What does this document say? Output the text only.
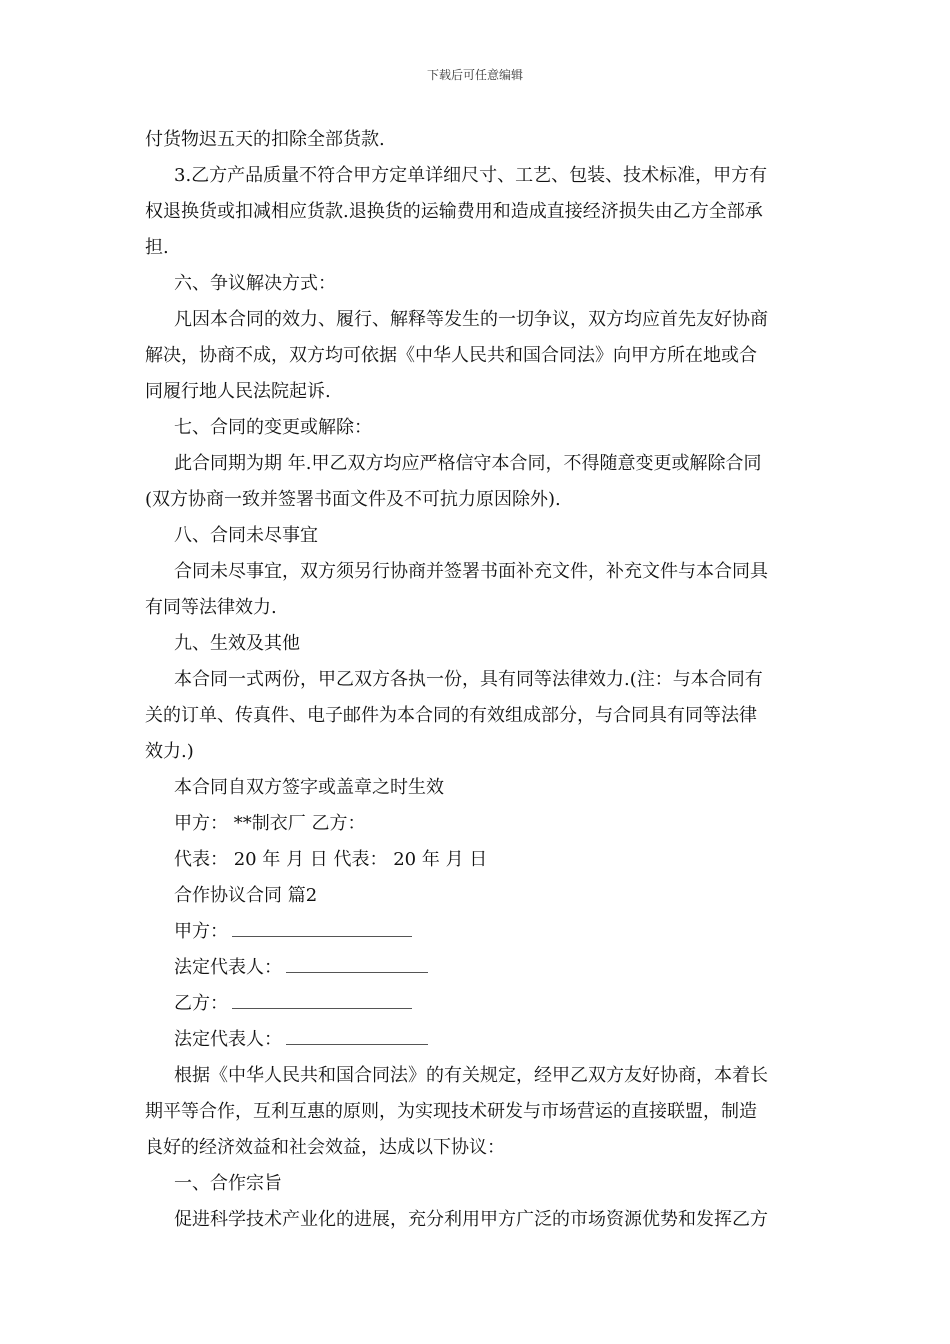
下载后可任意编辑
付货物迟五天的扣除全部货款.
3.乙方产品质量不符合甲方定单详细尺寸、工艺、包装、技术标准，甲方有
权退换货或扣减相应货款.退换货的运输费用和造成直接经济损失由乙方全部承
担.
六、争议解决方式：
凡因本合同的效力、履行、解释等发生的一切争议，双方均应首先友好协商
解决，协商不成，双方均可依据《中华人民共和国合同法》向甲方所在地或合
同履行地人民法院起诉.
七、合同的变更或解除：
此合同期为期 年.甲乙双方均应严格信守本合同，不得随意变更或解除合同
(双方协商一致并签署书面文件及不可抗力原因除外).
八、合同未尽事宜
合同未尽事宜，双方须另行协商并签署书面补充文件，补充文件与本合同具
有同等法律效力.
九、生效及其他
本合同一式两份，甲乙双方各执一份，具有同等法律效力.(注：与本合同有
关的订单、传真件、电子邮件为本合同的有效组成部分，与合同具有同等法律
效力.)
本合同自双方签字或盖章之时生效
甲方： **制衣厂 乙方：
代表： 20 年 月 日 代表： 20 年 月 日
合作协议合同 篇2
甲方：
法定代表人：
乙方：
法定代表人：
根据《中华人民共和国合同法》的有关规定，经甲乙双方友好协商，本着长
期平等合作，互利互惠的原则，为实现技术研发与市场营运的直接联盟，制造
良好的经济效益和社会效益，达成以下协议：
一、合作宗旨
促进科学技术产业化的进展，充分利用甲方广泛的市场资源优势和发挥乙方
